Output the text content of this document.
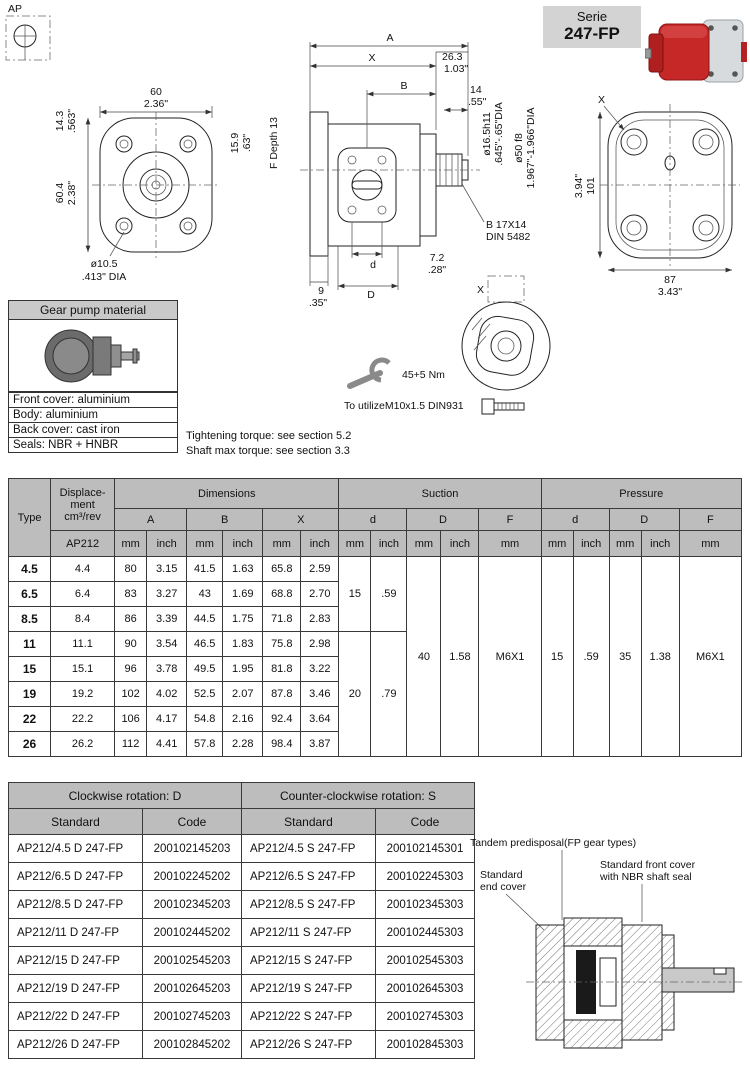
AP
60
2.36"
14.3 .563"
60.4 2.38"
15.9 .63"
ø10.5
.413" DIA
F Depth 13
A
X	26.3
1.03"
B	14
.55"
ø16.5h11 .645"-.65"DIA ø50 f8 1.967"-1.966"DIA
B 17X14
DIN 5482
7.2
.28"
d
9
.35"
D
X
101
3.94"
87
3.43"
X
45+5 Nm
To utilizeM10x1.5 DIN931
Serie
247-FP
Gear pump material
Front cover: aluminium
Body: aluminium
Back cover: cast iron
Seals: NBR + HNBR
Tightening torque: see section 5.2
Shaft max torque: see section 3.3
Type	Displace-
ment
cm³/rev	Dimensions						Suction					Pressure				
		A		B		X		d		D		F	d		D		F
	AP212	mm	inch	mm	inch	mm	inch	mm	inch	mm	inch	mm	mm	inch	mm	inch	mm
4.5	4.4	80	3.15	41.5	1.63	65.8	2.59	15	.59	40	1.58	M6X1	15	.59	35	1.38	M6X1
6.5	6.4	83	3.27	43	1.69	68.8	2.70										
8.5	8.4	86	3.39	44.5	1.75	71.8	2.83										
11	11.1	90	3.54	46.5	1.83	75.8	2.98	20	.79								
15	15.1	96	3.78	49.5	1.95	81.8	3.22										
19	19.2	102	4.02	52.5	2.07	87.8	3.46										
22	22.2	106	4.17	54.8	2.16	92.4	3.64										
26	26.2	112	4.41	57.8	2.28	98.4	3.87										
Clockwise rotation: D		Counter-clockwise rotation: S	
Standard	Code	Standard	Code
AP212/4.5 D 247-FP	200102145203	AP212/4.5 S 247-FP	200102145301
AP212/6.5 D 247-FP	200102245202	AP212/6.5 S 247-FP	200102245303
AP212/8.5 D 247-FP	200102345203	AP212/8.5 S 247-FP	200102345303
AP212/11 D 247-FP	200102445202	AP212/11 S 247-FP	200102445303
AP212/15 D 247-FP	200102545203	AP212/15 S 247-FP	200102545303
AP212/19 D 247-FP	200102645203	AP212/19 S 247-FP	200102645303
AP212/22 D 247-FP	200102745203	AP212/22 S 247-FP	200102745303
AP212/26 D 247-FP	200102845202	AP212/26 S 247-FP	200102845303
Tandem predisposal(FP gear types)
Standard
end cover
Standard front cover
with NBR shaft seal
